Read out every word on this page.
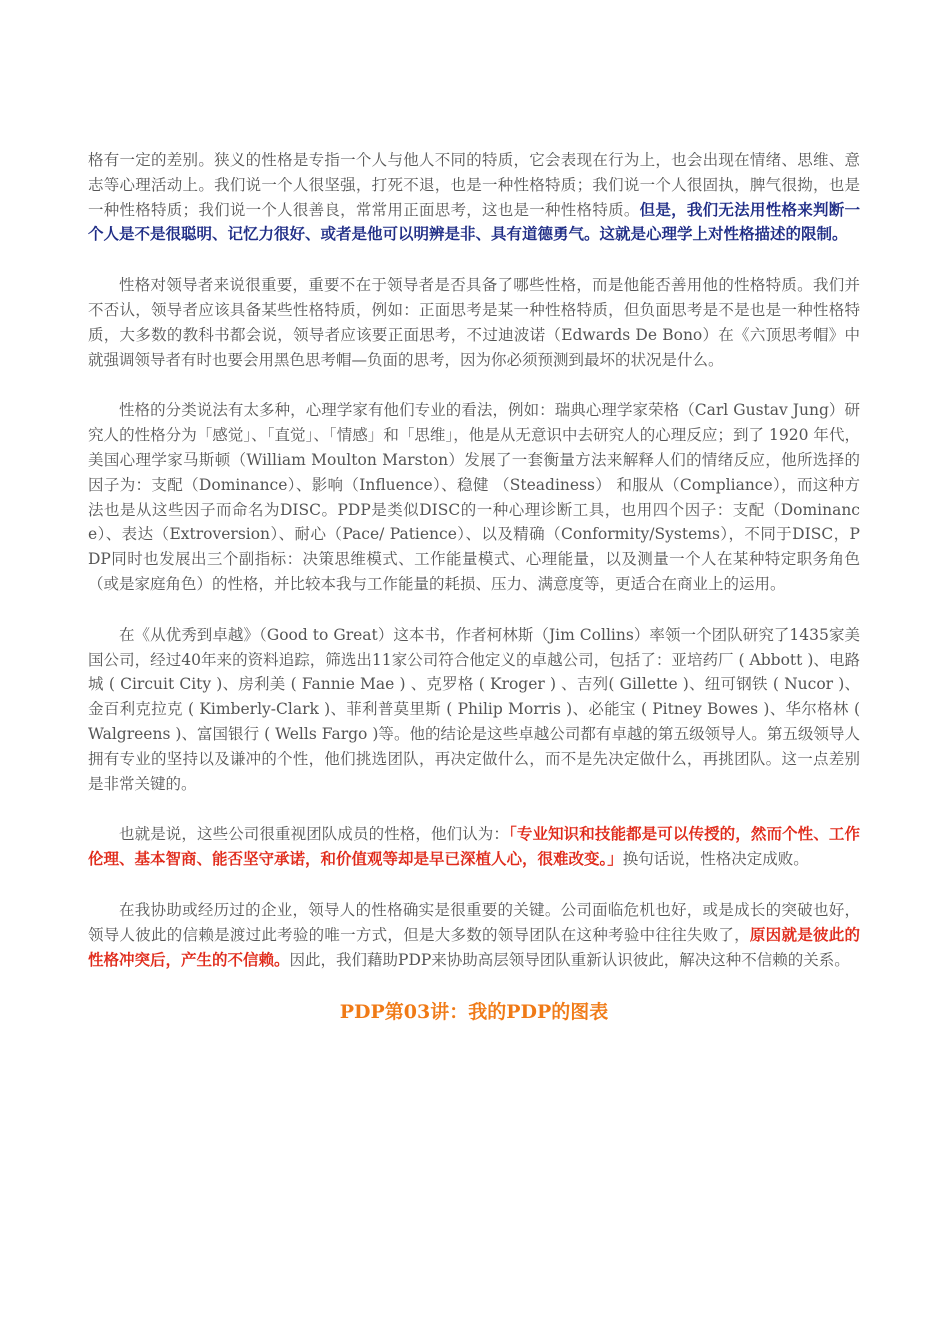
格有一定的差别。狭义的性格是专指一个人与他人不同的特质，它会表现在行为上，也会出现在情绪、思维、意志等心理活动上。我们说一个人很坚强，打死不退，也是一种性格特质；我们说一个人很固执，脾气很拗，也是一种性格特质；我们说一个人很善良，常常用正面思考，这也是一种性格特质。但是，我们无法用性格来判断一个人是不是很聪明、记忆力很好、或者是他可以明辨是非、具有道德勇气。这就是心理学上对性格描述的限制。

性格对领导者来说很重要，重要不在于领导者是否具备了哪些性格，而是他能否善用他的性格特质。我们并不否认，领导者应该具备某些性格特质，例如：正面思考是某一种性格特质，但负面思考是不是也是一种性格特质，大多数的教科书都会说，领导者应该要正面思考，不过迪波诺（Edwards De Bono）在《六顶思考帽》中就强调领导者有时也要会用黑色思考帽—负面的思考，因为你必须预测到最坏的状况是什么。

性格的分类说法有太多种，心理学家有他们专业的看法，例如：瑞典心理学家荣格（Carl Gustav Jung）研究人的性格分为「感觉」、「直觉」、「情感」和「思维」，他是从无意识中去研究人的心理反应；到了 1920 年代，美国心理学家马斯顿（William Moulton Marston）发展了一套衡量方法来解释人们的情绪反应，他所选择的因子为：支配（Dominance）、影响（Influence）、稳健 （Steadiness） 和服从（Compliance），而这种方法也是从这些因子而命名为DISC。PDP是类似DISC的一种心理诊断工具，也用四个因子：支配（Dominance）、表达（Extroversion）、耐心（Pace/ Patience）、以及精确（Conformity/Systems），不同于DISC，PDP同时也发展出三个副指标：决策思维模式、工作能量模式、心理能量，以及测量一个人在某种特定职务角色（或是家庭角色）的性格，并比较本我与工作能量的耗损、压力、满意度等，更适合在商业上的运用。

在《从优秀到卓越》（Good to Great）这本书，作者柯林斯（Jim Collins）率领一个团队研究了1435家美国公司，经过40年来的资料追踪，筛选出11家公司符合他定义的卓越公司，包括了：亚培药厂 ( Abbott )、电路城 ( Circuit City )、房利美 ( Fannie Mae ) 、克罗格 ( Kroger ) 、吉列( Gillette )、纽可钢铁 ( Nucor )、金百利克拉克 ( Kimberly-Clark )、菲利普莫里斯 ( Philip Morris )、必能宝 ( Pitney Bowes )、华尔格林 ( Walgreens )、富国银行 ( Wells Fargo )等。他的结论是这些卓越公司都有卓越的第五级领导人。第五级领导人拥有专业的坚持以及谦冲的个性，他们挑选团队，再决定做什么，而不是先决定做什么，再挑团队。这一点差别是非常关键的。

也就是说，这些公司很重视团队成员的性格，他们认为：「专业知识和技能都是可以传授的，然而个性、工作伦理、基本智商、能否坚守承诺，和价值观等却是早已深植人心，很难改变。」换句话说，性格决定成败。

在我协助或经历过的企业，领导人的性格确实是很重要的关键。公司面临危机也好，或是成长的突破也好，领导人彼此的信赖是渡过此考验的唯一方式，但是大多数的领导团队在这种考验中往往失败了，原因就是彼此的性格冲突后，产生的不信赖。因此，我们藉助PDP来协助高层领导团队重新认识彼此，解决这种不信赖的关系。

PDP第03讲：我的PDP的图表
